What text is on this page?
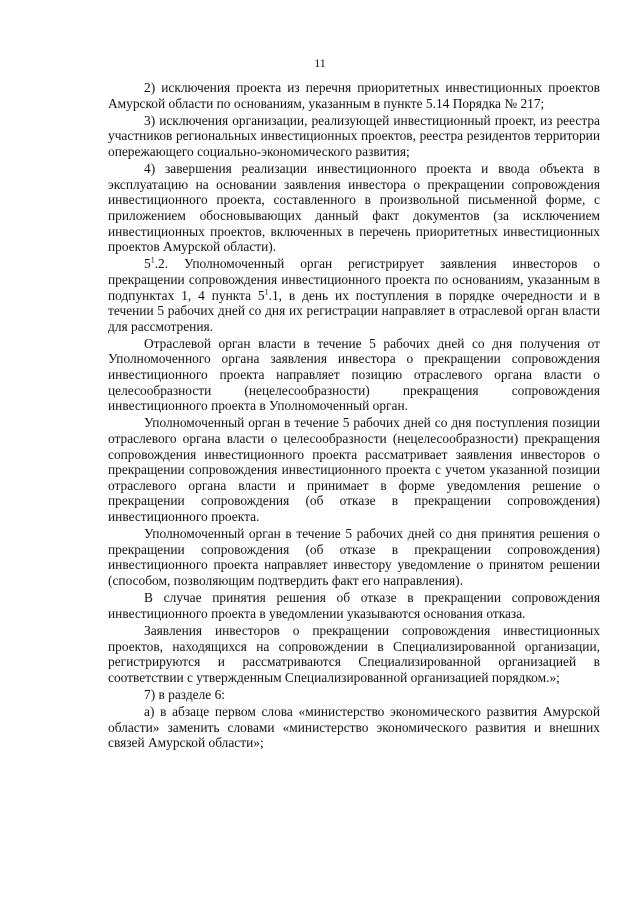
11

2) исключения проекта из перечня приоритетных инвестиционных проектов Амурской области по основаниям, указанным в пункте 5.14 Порядка № 217;

3) исключения организации, реализующей инвестиционный проект, из реестра участников региональных инвестиционных проектов, реестра резидентов территории опережающего социально-экономического развития;

4) завершения реализации инвестиционного проекта и ввода объекта в эксплуатацию на основании заявления инвестора о прекращении сопровождения инвестиционного проекта, составленного в произвольной письменной форме, с приложением обосновывающих данный факт документов (за исключением инвестиционных проектов, включенных в перечень приоритетных инвестиционных проектов Амурской области).

$5^1.2$. Уполномоченный орган регистрирует заявления инвесторов о прекращении сопровождения инвестиционного проекта по основаниям, указанным в подпунктах 1, 4 пункта $5^1.1$, в день их поступления в порядке очередности и в течении 5 рабочих дней со дня их регистрации направляет в отраслевой орган власти для рассмотрения.

Отраслевой орган власти в течение 5 рабочих дней со дня получения от Уполномоченного органа заявления инвестора о прекращении сопровождения инвестиционного проекта направляет позицию отраслевого органа власти о целесообразности (нецелесообразности) прекращения сопровождения инвестиционного проекта в Уполномоченный орган.

Уполномоченный орган в течение 5 рабочих дней со дня поступления позиции отраслевого органа власти о целесообразности (нецелесообразности) прекращения сопровождения инвестиционного проекта рассматривает заявления инвесторов о прекращении сопровождения инвестиционного проекта с учетом указанной позиции отраслевого органа власти и принимает в форме уведомления решение о прекращении сопровождения (об отказе в прекращении сопровождения) инвестиционного проекта.

Уполномоченный орган в течение 5 рабочих дней со дня принятия решения о прекращении сопровождения (об отказе в прекращении сопровождения) инвестиционного проекта направляет инвестору уведомление о принятом решении (способом, позволяющим подтвердить факт его направления).

В случае принятия решения об отказе в прекращении сопровождения инвестиционного проекта в уведомлении указываются основания отказа.

Заявления инвесторов о прекращении сопровождения инвестиционных проектов, находящихся на сопровождении в Специализированной организации, регистрируются и рассматриваются Специализированной организацией в соответствии с утвержденным Специализированной организацией порядком.»;

7) в разделе 6:

а) в абзаце первом слова «министерство экономического развития Амурской области» заменить словами «министерство экономического развития и внешних связей Амурской области»;
